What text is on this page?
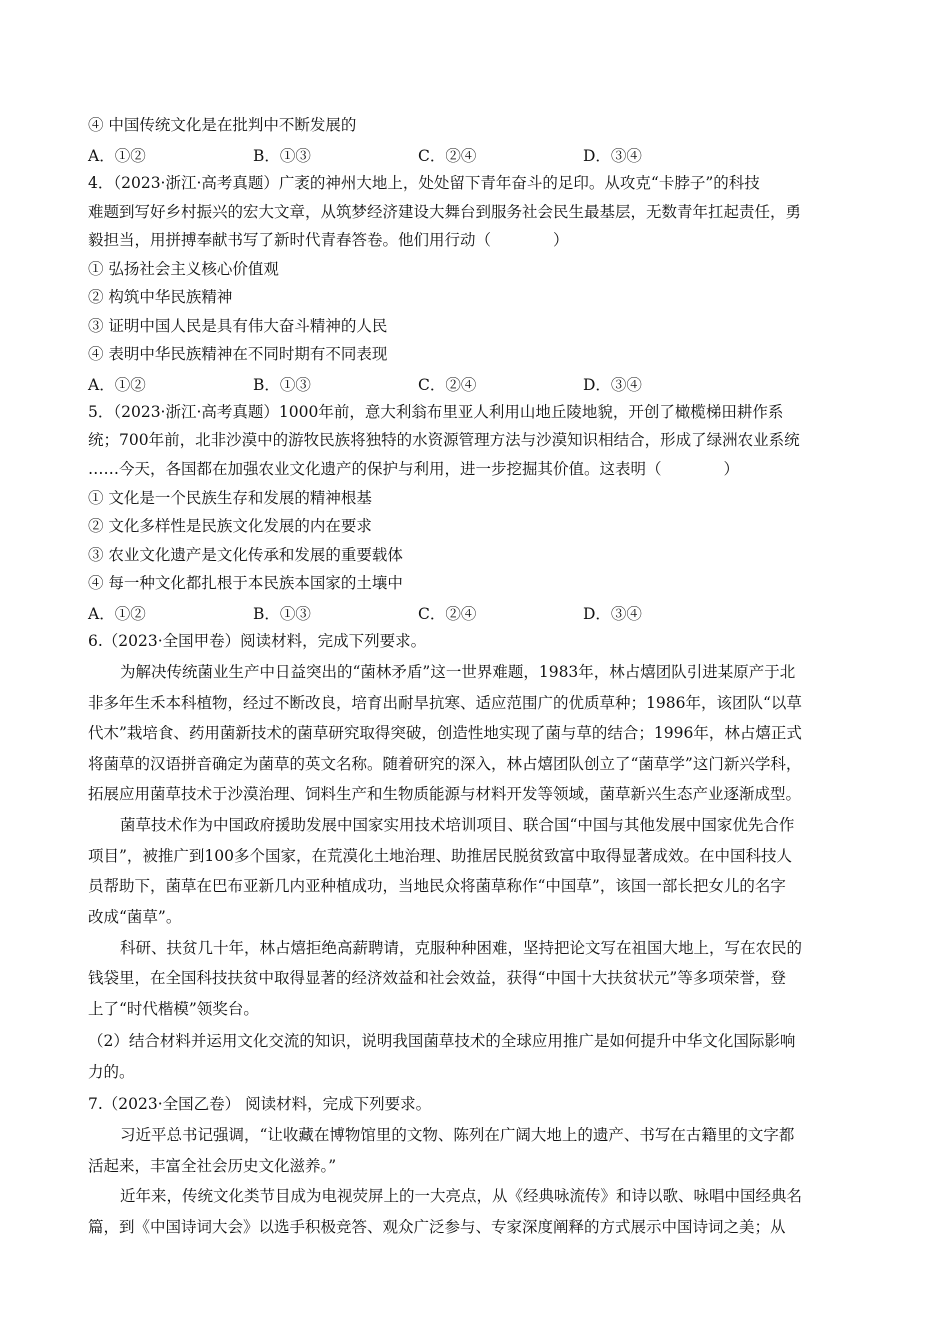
④ 中国传统文化是在批判中不断发展的
A．①②	B．①③	C．②④	D．③④
4．（2023·浙江·高考真题）广袤的神州大地上，处处留下青年奋斗的足印。从攻克“卡脖子”的科技
难题到写好乡村振兴的宏大文章，从筑梦经济建设大舞台到服务社会民生最基层，无数青年扛起责任，勇
毅担当，用拼搏奉献书写了新时代青春答卷。他们用行动（　　　　）
① 弘扬社会主义核心价值观
② 构筑中华民族精神
③ 证明中国人民是具有伟大奋斗精神的人民
④ 表明中华民族精神在不同时期有不同表现
A．①②	B．①③	C．②④	D．③④
5．（2023·浙江·高考真题）1000年前，意大利翁布里亚人利用山地丘陵地貌，开创了橄榄梯田耕作系
统；700年前，北非沙漠中的游牧民族将独特的水资源管理方法与沙漠知识相结合，形成了绿洲农业系统
……今天，各国都在加强农业文化遗产的保护与利用，进一步挖掘其价值。这表明（　　　　）
① 文化是一个民族生存和发展的精神根基
② 文化多样性是民族文化发展的内在要求
③ 农业文化遗产是文化传承和发展的重要载体
④ 每一种文化都扎根于本民族本国家的土壤中
A．①②	B．①③	C．②④	D．③④
6.（2023·全国甲卷）阅读材料，完成下列要求。
为解决传统菌业生产中日益突出的“菌林矛盾”这一世界难题，1983年，林占熺团队引进某原产于北
非多年生禾本科植物，经过不断改良，培育出耐旱抗寒、适应范围广的优质草种；1986年，该团队“以草
代木”栽培食、药用菌新技术的菌草研究取得突破，创造性地实现了菌与草的结合；1996年，林占熺正式
将菌草的汉语拼音确定为菌草的英文名称。随着研究的深入，林占熺团队创立了“菌草学”这门新兴学科，
拓展应用菌草技术于沙漠治理、饲料生产和生物质能源与材料开发等领域，菌草新兴生态产业逐渐成型。
菌草技术作为中国政府援助发展中国家实用技术培训项目、联合国“中国与其他发展中国家优先合作
项目”，被推广到100多个国家，在荒漠化土地治理、助推居民脱贫致富中取得显著成效。在中国科技人
员帮助下，菌草在巴布亚新几内亚种植成功，当地民众将菌草称作“中国草”，该国一部长把女儿的名字
改成“菌草”。
科研、扶贫几十年，林占熺拒绝高薪聘请，克服种种困难，坚持把论文写在祖国大地上，写在农民的
钱袋里，在全国科技扶贫中取得显著的经济效益和社会效益，获得“中国十大扶贫状元”等多项荣誉，登
上了“时代楷模”领奖台。
（2）结合材料并运用文化交流的知识，说明我国菌草技术的全球应用推广是如何提升中华文化国际影响
力的。
7.（2023·全国乙卷） 阅读材料，完成下列要求。
习近平总书记强调，“让收藏在博物馆里的文物、陈列在广阔大地上的遗产、书写在古籍里的文字都
活起来，丰富全社会历史文化滋养。”
近年来，传统文化类节目成为电视荧屏上的一大亮点，从《经典咏流传》和诗以歌、咏唱中国经典名
篇，到《中国诗词大会》以选手积极竞答、观众广泛参与、专家深度阐释的方式展示中国诗词之美；从
